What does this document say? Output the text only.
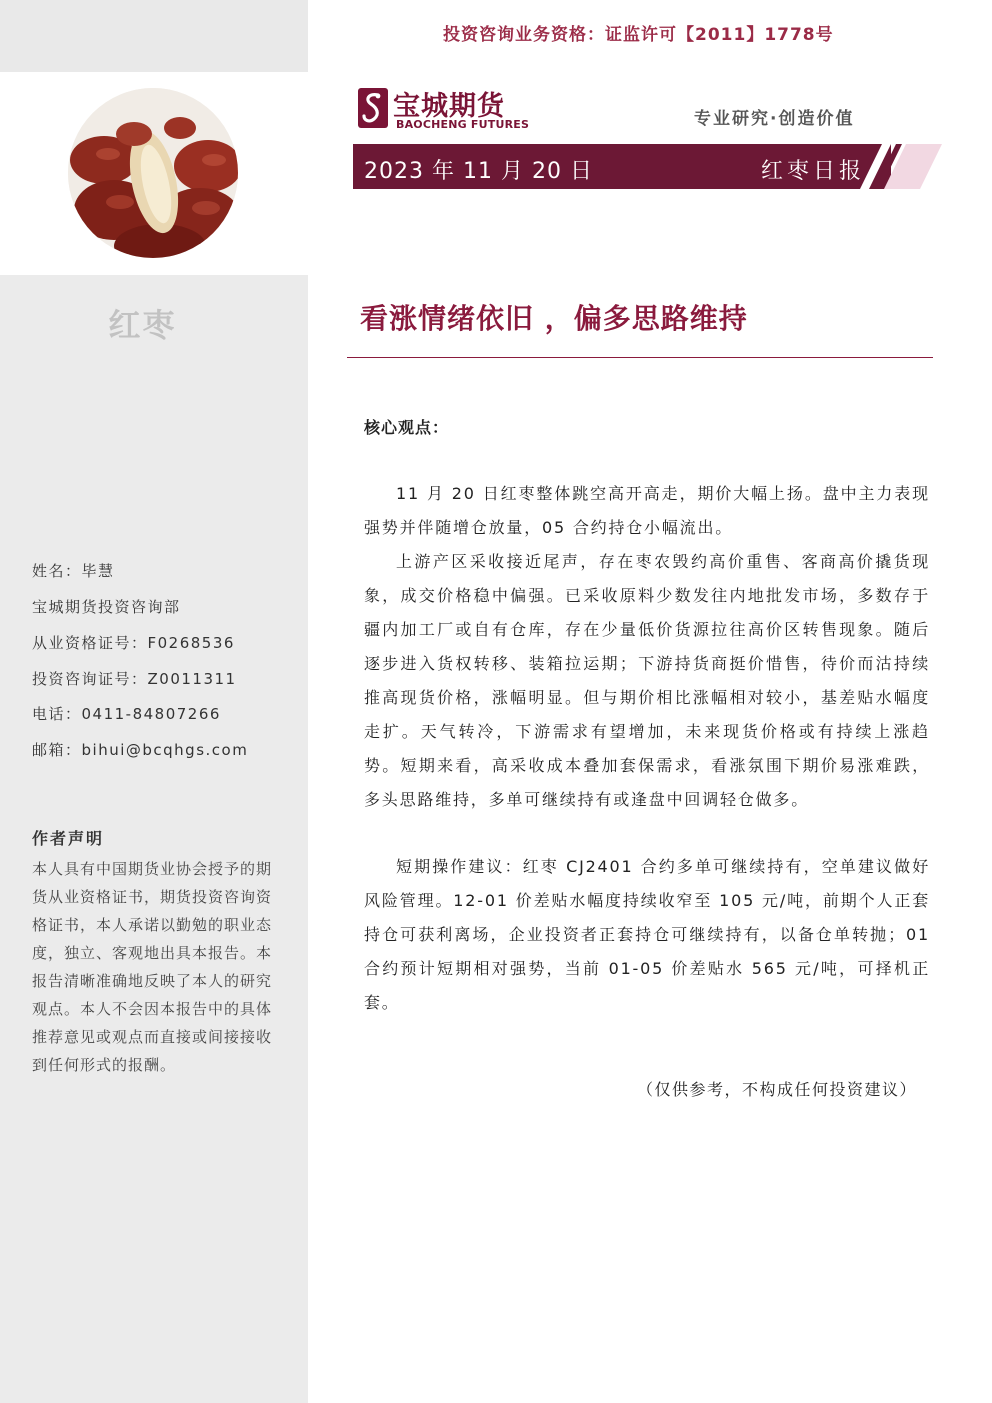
红枣
姓名：毕慧
宝城期货投资咨询部
从业资格证号：F0268536
投资咨询证号：Z0011311
电话：0411-84807266
邮箱：bihui@bcqhgs.com
作者声明
本人具有中国期货业协会授予的期货从业资格证书，期货投资咨询资格证书，本人承诺以勤勉的职业态度，独立、客观地出具本报告。本报告清晰准确地反映了本人的研究观点。本人不会因本报告中的具体推荐意见或观点而直接或间接接收到任何形式的报酬。
投资咨询业务资格：证监许可【2011】1778号
宝城期货
BAOCHENG FUTURES	专业研究·创造价值
2023 年 11 月 20 日	红枣日报
看涨情绪依旧 ，偏多思路维持
核心观点：
11 月 20 日红枣整体跳空高开高走，期价大幅上扬。盘中主力表现强势并伴随增仓放量，05 合约持仓小幅流出。
上游产区采收接近尾声，存在枣农毁约高价重售、客商高价撬货现象，成交价格稳中偏强。已采收原料少数发往内地批发市场，多数存于疆内加工厂或自有仓库，存在少量低价货源拉往高价区转售现象。随后逐步进入货权转移、装箱拉运期；下游持货商挺价惜售，待价而沽持续推高现货价格，涨幅明显。但与期价相比涨幅相对较小，基差贴水幅度走扩。天气转冷，下游需求有望增加，未来现货价格或有持续上涨趋势。短期来看，高采收成本叠加套保需求，看涨氛围下期价易涨难跌，多头思路维持，多单可继续持有或逢盘中回调轻仓做多。
短期操作建议：红枣 CJ2401 合约多单可继续持有，空单建议做好风险管理。12-01 价差贴水幅度持续收窄至 105 元/吨，前期个人正套持仓可获利离场，企业投资者正套持仓可继续持有，以备仓单转抛；01 合约预计短期相对强势，当前 01-05 价差贴水 565 元/吨，可择机正套。
（仅供参考，不构成任何投资建议）
